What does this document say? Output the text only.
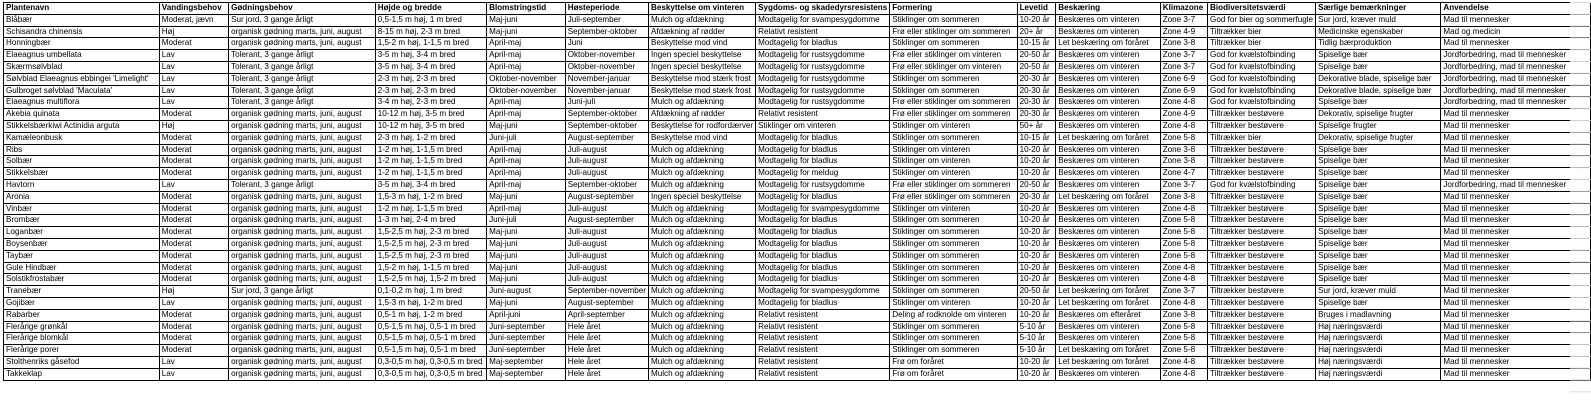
Plantenavn	Vandingsbehov	Gødningsbehov	Højde og bredde	Blomstringstid	Høsteperiode	Beskyttelse om vinteren	Sygdoms- og skadedyrsresistens	Formering	Levetid	Beskæring	Klimazone	Biodiversitetsværdi	Særlige bemærkninger	Anvendelse
Blåbær	Moderat, jævn	Sur jord, 3 gange årligt	0,5-1,5 m høj, 1 m bred	Maj-juni	Juli-september	Mulch og afdækning	Modtagelig for svampesygdomme	Stiklinger om sommeren	10-20 år	Beskæres om vinteren	Zone 3-7	God for bier og sommerfugle	Sur jord, kræver muld	Mad til mennesker
Schisandra chinensis	Høj	organisk gødning marts, juni, august	8-15 m høj, 2-3 m bred	Maj-juni	September-oktober	Afdækning af rødder	Relativt resistent	Frø eller stiklinger om sommeren	20+ år	Beskæres om vinteren	Zone 4-9	Tiltrækker bier	Medicinske egenskaber	Mad og medicin
Honningbær	Moderat	organisk gødning marts, juni, august	1,5-2 m høj, 1-1,5 m bred	April-maj	Juni	Beskyttelse mod vind	Modtagelig for bladlus	Stiklinger om sommeren	10-15 år	Let beskæring om foråret	Zone 3-8	Tiltrækker bier	Tidlig bærproduktion	Mad til mennesker
Elaeagnus umbellata	Lav	Tolerant, 3 gange årligt	3-5 m høj, 3-4 m bred	April-maj	Oktober-november	Ingen speciel beskyttelse	Modtagelig for rustsygdomme	Frø eller stiklinger om vinteren	20-50 år	Beskæres om vinteren	Zone 3-7	God for kvælstofbinding	Spiselige bær	Jordforbedring, mad til mennesker
Skærmsølvblad	Lav	Tolerant, 3 gange årligt	3-5 m høj, 3-4 m bred	April-maj	Oktober-november	Ingen speciel beskyttelse	Modtagelig for rustsygdomme	Frø eller stiklinger om vinteren	20-50 år	Beskæres om vinteren	Zone 3-7	God for kvælstofbinding	Spiselige bær	Jordforbedring, mad til mennesker
Sølvblad Elaeagnus ebbingei 'Limelight'	Lav	Tolerant, 3 gange årligt	2-3 m høj, 2-3 m bred	Oktober-november	November-januar	Beskyttelse mod stærk frost	Modtagelig for rustsygdomme	Stiklinger om sommeren	20-30 år	Beskæres om vinteren	Zone 6-9	God for kvælstofbinding	Dekorative blade, spiselige bær	Jordforbedring, mad til mennesker
Gulbroget sølvblad 'Maculata'	Lav	Tolerant, 3 gange årligt	2-3 m høj, 2-3 m bred	Oktober-november	November-januar	Beskyttelse mod stærk frost	Modtagelig for rustsygdomme	Stiklinger om sommeren	20-30 år	Beskæres om vinteren	Zone 6-9	God for kvælstofbinding	Dekorative blade, spiselige bær	Jordforbedring, mad til mennesker
Elaeagnus multiflora	Lav	Tolerant, 3 gange årligt	3-4 m høj, 2-3 m bred	April-maj	Juni-juli	Mulch og afdækning	Modtagelig for rustsygdomme	Frø eller stiklinger om sommeren	20-30 år	Beskæres om vinteren	Zone 4-8	God for kvælstofbinding	Spiselige bær	Jordforbedring, mad til mennesker
Akebia quinata	Moderat	organisk gødning marts, juni, august	10-12 m høj, 3-5 m bred	April-maj	September-oktober	Afdækning af rødder	Relativt resistent	Frø eller stiklinger om sommeren	20-30 år	Beskæres om vinteren	Zone 4-9	Tiltrækker bestøvere	Dekorativ, spiselige frugter	Mad til mennesker
Stikkelsbærkiwi Actinidia arguta	Høj	organisk gødning marts, juni, august	10-12 m høj, 3-5 m bred	Maj-juni	September-oktober	Beskyttelse for rodfordærver	Stiklinger om vinteren	Stiklinger om vinteren	50+ år	Beskæres om vinteren	Zone 4-8	Tiltrækker bestøvere	Spiselige frugter	Mad til mennesker
Kamæleonbusk	Moderat	organisk gødning marts, juni, august	2-3 m høj, 1-2 m bred	Juni-juli	August-september	Beskyttelse mod vind	Modtagelig for bladlus	Stiklinger om sommeren	10-15 år	Let beskæring om foråret	Zone 5-8	Tiltrækker bier	Dekorativ, spiselige frugter	Mad til mennesker
Ribs	Moderat	organisk gødning marts, juni, august	1-2 m høj, 1-1,5 m bred	April-maj	Juli-august	Mulch og afdækning	Modtagelig for bladlus	Stiklinger om vinteren	10-20 år	Beskæres om vinteren	Zone 3-8	Tiltrækker bestøvere	Spiselige bær	Mad til mennesker
Solbær	Moderat	organisk gødning marts, juni, august	1-2 m høj, 1-1,5 m bred	April-maj	Juli-august	Mulch og afdækning	Modtagelig for bladlus	Stiklinger om vinteren	10-20 år	Beskæres om vinteren	Zone 3-8	Tiltrækker bestøvere	Spiselige bær	Mad til mennesker
Stikkelsbær	Moderat	organisk gødning marts, juni, august	1-2 m høj, 1-1,5 m bred	April-maj	Juli-august	Mulch og afdækning	Modtagelig for meldug	Stiklinger om vinteren	10-20 år	Beskæres om vinteren	Zone 4-7	Tiltrækker bestøvere	Spiselige bær	Mad til mennesker
Havtorn	Lav	Tolerant, 3 gange årligt	3-5 m høj, 3-4 m bred	April-maj	September-oktober	Mulch og afdækning	Modtagelig for rustsygdomme	Frø eller stiklinger om sommeren	20-50 år	Beskæres om vinteren	Zone 3-7	God for kvælstofbinding	Spiselige bær	Jordforbedring, mad til mennesker
Aronia	Moderat	organisk gødning marts, juni, august	1,5-3 m høj, 1-2 m bred	Maj-juni	August-september	Ingen speciel beskyttelse	Modtagelig for bladlus	Frø eller stiklinger om sommeren	20-30 år	Let beskæring om foråret	Zone 3-8	Tiltrækker bestøvere	Spiselige bær	Mad til mennesker
Vinbær	Moderat	organisk gødning marts, juni, august	1-2 m høj, 1-1,5 m bred	April-maj	Juli-august	Mulch og afdækning	Modtagelig for svampesygdomme	Stiklinger om vinteren	10-20 år	Beskæres om vinteren	Zone 4-8	Tiltrækker bestøvere	Spiselige bær	Mad til mennesker
Brombær	Moderat	organisk gødning marts, juni, august	1-3 m høj, 2-4 m bred	Juni-juli	August-september	Mulch og afdækning	Modtagelig for bladlus	Stiklinger om sommeren	10-20 år	Beskæres om vinteren	Zone 5-8	Tiltrækker bestøvere	Spiselige bær	Mad til mennesker
Loganbær	Moderat	organisk gødning marts, juni, august	1,5-2,5 m høj, 2-3 m bred	Maj-juni	Juli-august	Mulch og afdækning	Modtagelig for bladlus	Stiklinger om sommeren	10-20 år	Beskæres om vinteren	Zone 5-8	Tiltrækker bestøvere	Spiselige bær	Mad til mennesker
Boysenbær	Moderat	organisk gødning marts, juni, august	1,5-2,5 m høj, 2-3 m bred	Maj-juni	Juli-august	Mulch og afdækning	Modtagelig for bladlus	Stiklinger om sommeren	10-20 år	Beskæres om vinteren	Zone 5-8	Tiltrækker bestøvere	Spiselige bær	Mad til mennesker
Taybær	Moderat	organisk gødning marts, juni, august	1,5-2,5 m høj, 2-3 m bred	Maj-juni	Juli-august	Mulch og afdækning	Modtagelig for bladlus	Stiklinger om sommeren	10-20 år	Beskæres om vinteren	Zone 5-8	Tiltrækker bestøvere	Spiselige bær	Mad til mennesker
Gule Hindbær	Moderat	organisk gødning marts, juni, august	1,5-2 m høj, 1-1,5 m bred	Maj-juni	Juli-august	Mulch og afdækning	Modtagelig for bladlus	Stiklinger om sommeren	10-20 år	Beskæres om vinteren	Zone 4-8	Tiltrækker bestøvere	Spiselige bær	Mad til mennesker
Solstikfrostabær	Moderat	organisk gødning marts, juni, august	1,5-2,5 m høj, 1,5-2 m bred	Maj-juni	Juli-august	Mulch og afdækning	Modtagelig for bladlus	Stiklinger om sommeren	10-20 år	Beskæres om vinteren	Zone 4-8	Tiltrækker bestøvere	Spiselige bær	Mad til mennesker
Tranebær	Høj	Sur jord, 3 gange årligt	0,1-0,2 m høj, 1 m bred	Juni-august	September-november	Mulch og afdækning	Modtagelig for svampesygdomme	Stiklinger om sommeren	20-50 år	Let beskæring om foråret	Zone 3-7	Tiltrækker bestøvere	Sur jord, kræver muld	Mad til mennesker
Gojibær	Lav	organisk gødning marts, juni, august	1,5-3 m høj, 1-2 m bred	Maj-juni	August-september	Mulch og afdækning	Modtagelig for bladlus	Stiklinger om vinteren	10-20 år	Let beskæring om foråret	Zone 4-8	Tiltrækker bestøvere	Spiselige bær	Mad til mennesker
Rabarber	Moderat	organisk gødning marts, juni, august	0,5-1 m høj, 1-2 m bred	April-juni	April-september	Mulch og afdækning	Relativt resistent	Deling af rodknolde om vinteren	10-20 år	Beskæres om efteråret	Zone 3-8	Tiltrækker bestøvere	Bruges i madlavning	Mad til mennesker
Flerårige grønkål	Moderat	organisk gødning marts, juni, august	0,5-1,5 m høj, 0,5-1 m bred	Juni-september	Hele året	Mulch og afdækning	Relativt resistent	Stiklinger om sommeren	5-10 år	Beskæres om vinteren	Zone 5-8	Tiltrækker bestøvere	Høj næringsværdi	Mad til mennesker
Flerårige blomkål	Moderat	organisk gødning marts, juni, august	0,5-1,5 m høj, 0,5-1 m bred	Juni-september	Hele året	Mulch og afdækning	Relativt resistent	Stiklinger om sommeren	5-10 år	Beskæres om vinteren	Zone 5-8	Tiltrækker bestøvere	Høj næringsværdi	Mad til mennesker
Flerårige porer	Moderat	organisk gødning marts, juni, august	0,5-1,5 m høj, 0,5-1 m bred	Juni-september	Hele året	Mulch og afdækning	Relativt resistent	Stiklinger om sommeren	5-10 år	Let beskæring om foråret	Zone 5-8	Tiltrækker bestøvere	Høj næringsværdi	Mad til mennesker
Stolthenriks gåsefod	Lav	organisk gødning marts, juni, august	0,3-0,5 m høj, 0,3-0,5 m bred	Maj-september	Hele året	Mulch og afdækning	Relativt resistent	Frø om foråret	10-20 år	Let beskæring om foråret	Zone 4-8	Tiltrækker bestøvere	Høj næringsværdi	Mad til mennesker
Takkeklap	Lav	organisk gødning marts, juni, august	0,3-0,5 m høj, 0,3-0,5 m bred	Maj-september	Hele året	Mulch og afdækning	Relativt resistent	Frø om foråret	10-20 år	Beskæres om vinteren	Zone 4-8	Tiltrækker bestøvere	Høj næringsværdi	Mad til mennesker
